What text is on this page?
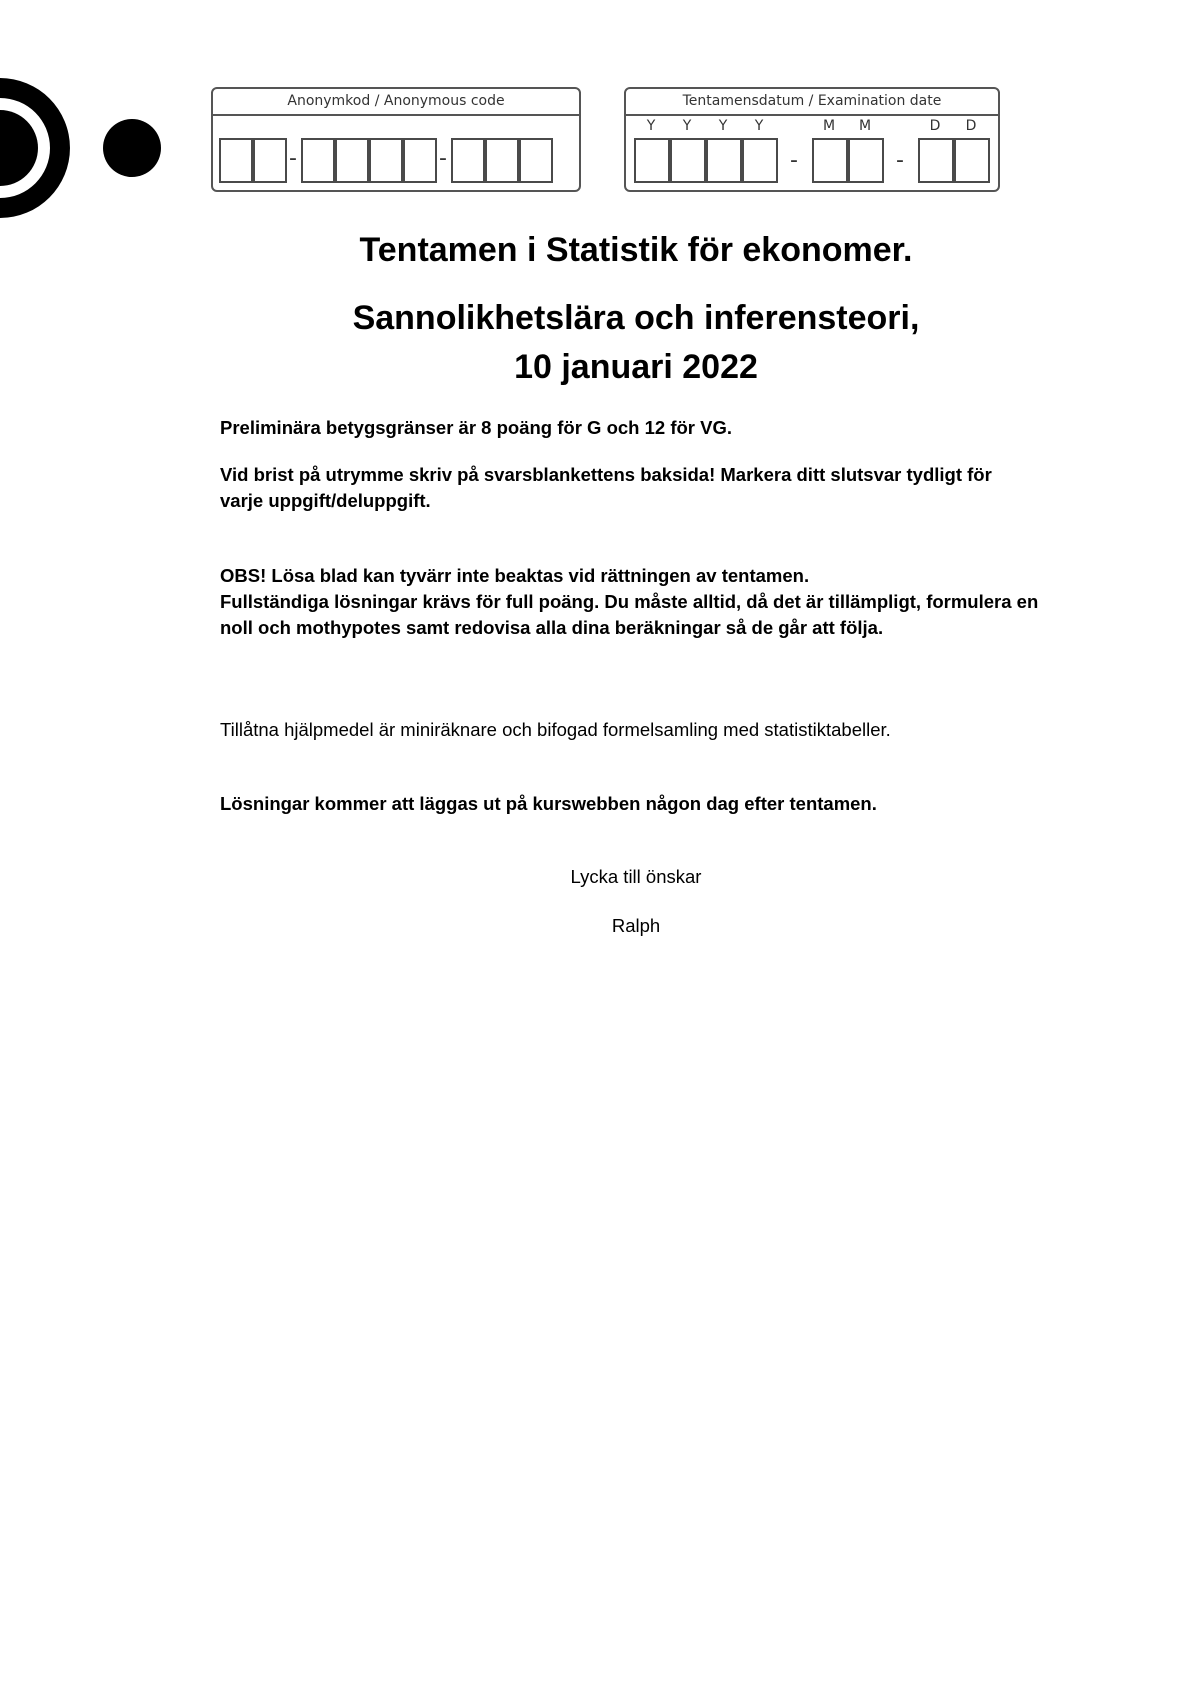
Anonymkod / Anonymous code
-	-
Tentamensdatum / Examination date
Y	Y	Y	Y
-
M	M
-
D	D
Tentamen i Statistik för ekonomer.
Sannolikhetslära och inferensteori,
10 januari 2022

Preliminära betygsgränser är 8 poäng för G och 12 för VG.

Vid brist på utrymme skriv på svarsblankettens baksida! Markera ditt slutsvar tydligt för varje uppgift/deluppgift.

OBS! Lösa blad kan tyvärr inte beaktas vid rättningen av tentamen.

Fullständiga lösningar krävs för full poäng. Du måste alltid, då det är tillämpligt, formulera en noll och mothypotes samt redovisa alla dina beräkningar så de går att följa.

Tillåtna hjälpmedel är miniräknare och bifogad formelsamling med statistiktabeller.

Lösningar kommer att läggas ut på kurswebben någon dag efter tentamen.

Lycka till önskar

Ralph
